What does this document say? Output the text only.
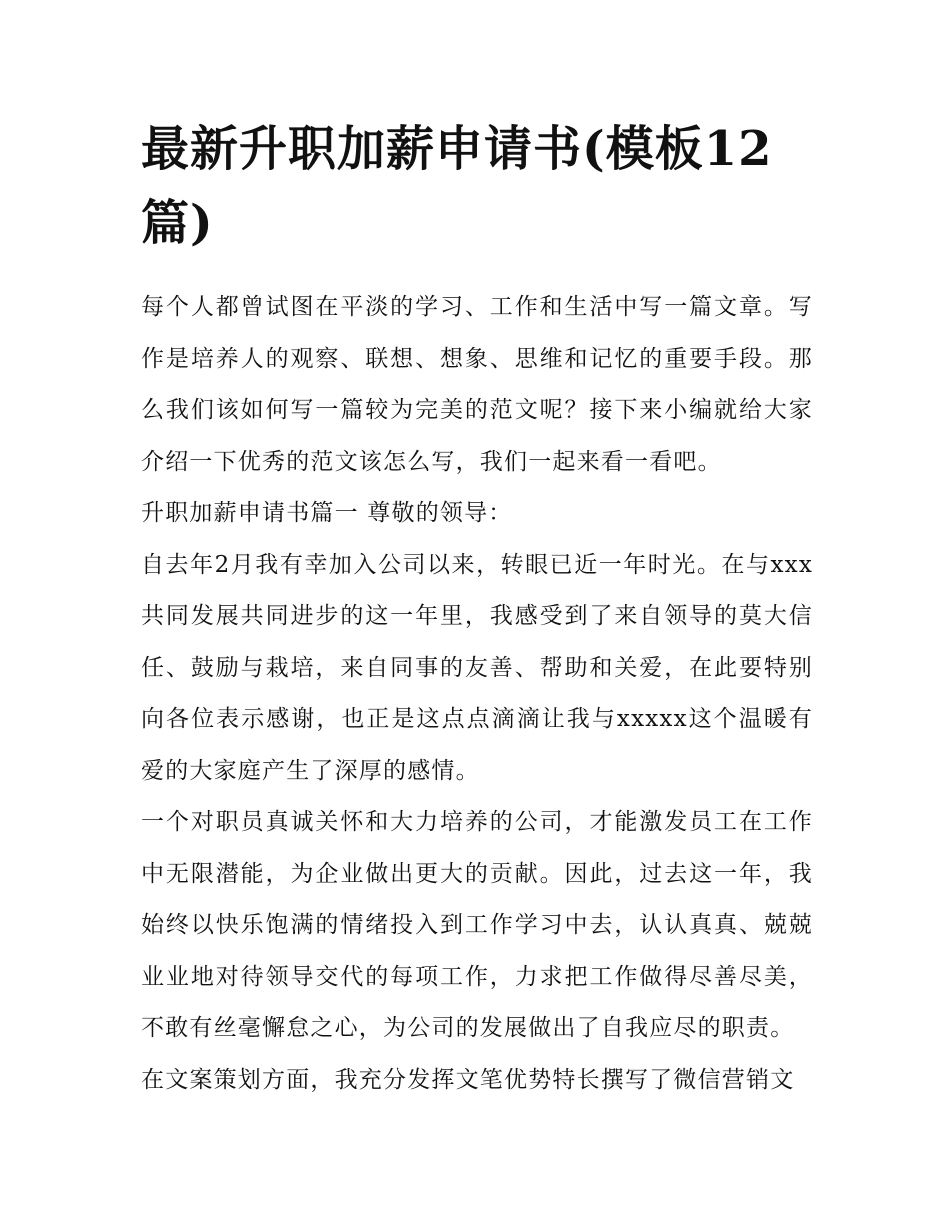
最新升职加薪申请书(模板12篇)

每个人都曾试图在平淡的学习、工作和生活中写一篇文章。写作是培养人的观察、联想、想象、思维和记忆的重要手段。那么我们该如何写一篇较为完美的范文呢？接下来小编就给大家介绍一下优秀的范文该怎么写，我们一起来看一看吧。

升职加薪申请书篇一 尊敬的领导：

自去年2月我有幸加入公司以来，转眼已近一年时光。在与xxx共同发展共同进步的这一年里，我感受到了来自领导的莫大信任、鼓励与栽培，来自同事的友善、帮助和关爱，在此要特别向各位表示感谢，也正是这点点滴滴让我与xxxxx这个温暖有爱的大家庭产生了深厚的感情。

一个对职员真诚关怀和大力培养的公司，才能激发员工在工作中无限潜能，为企业做出更大的贡献。因此，过去这一年，我始终以快乐饱满的情绪投入到工作学习中去，认认真真、兢兢业业地对待领导交代的每项工作，力求把工作做得尽善尽美，不敢有丝毫懈怠之心，为公司的发展做出了自我应尽的职责。

在文案策划方面，我充分发挥文笔优势特长撰写了微信营销文
